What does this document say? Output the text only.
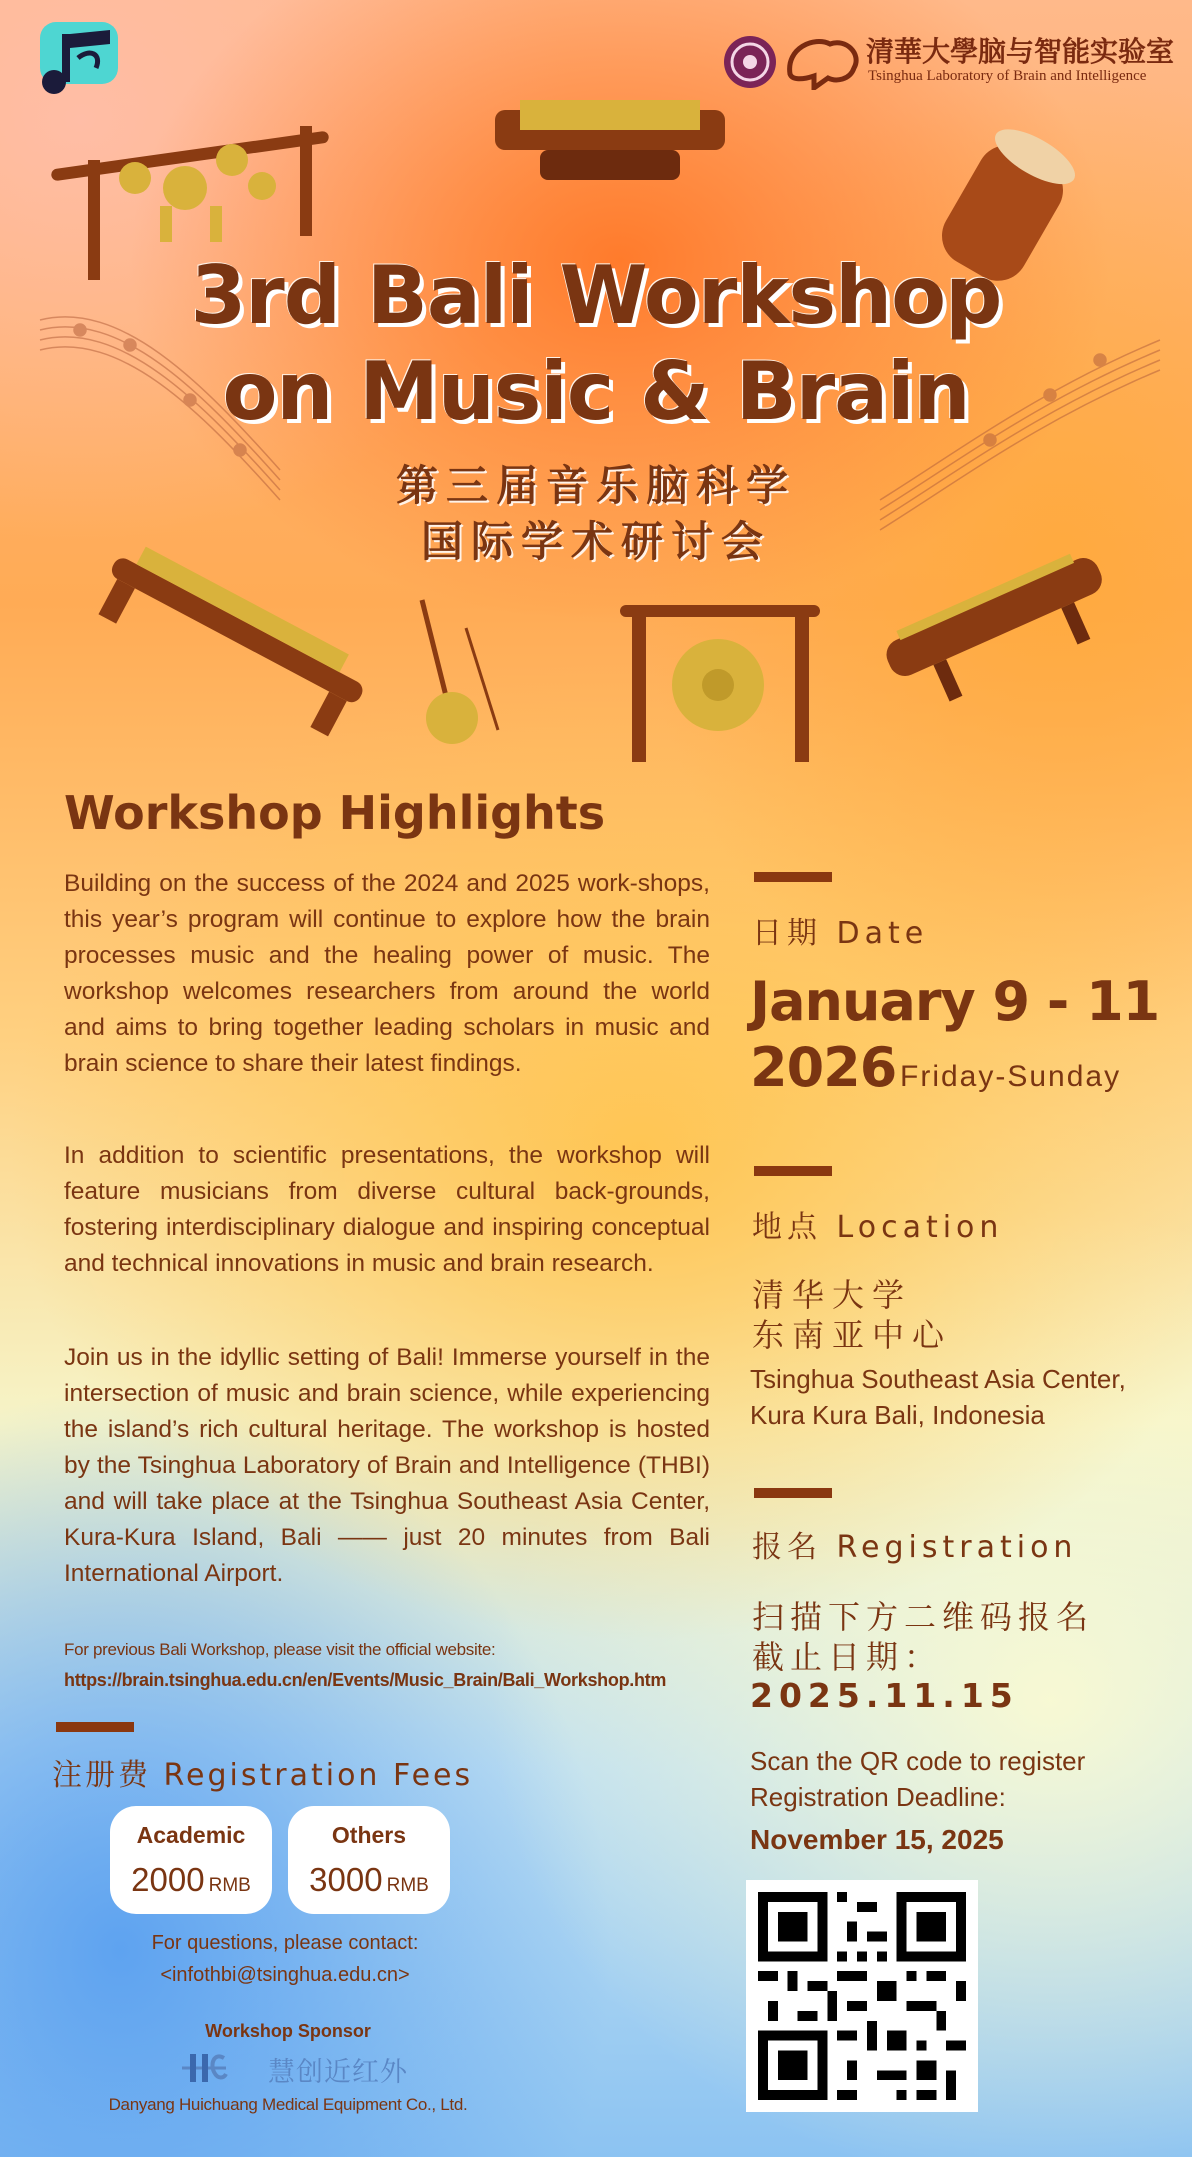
清華大學脑与智能实验室
Tsinghua Laboratory of Brain and Intelligence
3rd Bali Workshop
on Music & Brain
第三届音乐脑科学
国际学术研讨会
Workshop Highlights
Building on the success of the 2024 and 2025 work-shops, this year’s program will continue to explore how the brain processes music and the healing power of music. The workshop welcomes researchers from around the world and aims to bring together leading scholars in music and brain science to share their latest findings.
In addition to scientific presentations, the workshop will feature musicians from diverse cultural back-grounds, fostering interdisciplinary dialogue and inspiring conceptual and technical innovations in music and brain research.
Join us in the idyllic setting of Bali! Immerse yourself in the intersection of music and brain science, while experiencing the island’s rich cultural heritage. The workshop is hosted by the Tsinghua Laboratory of Brain and Intelligence (THBI) and will take place at the Tsinghua Southeast Asia Center, Kura-Kura Island, Bali —— just 20 minutes from Bali International Airport.
For previous Bali Workshop, please visit the official website:
https://brain.tsinghua.edu.cn/en/Events/Music_Brain/Bali_Workshop.htm
注册费 Registration Fees
Academic
2000 RMB
Others
3000 RMB
For questions, please contact:
<infothbi@tsinghua.edu.cn>
Workshop Sponsor
慧创近红外
Danyang Huichuang Medical Equipment Co., Ltd.
日期 Date
January 9 - 11
2026 Friday-Sunday
地点 Location
清华大学
东南亚中心
Tsinghua Southeast Asia Center,
Kura Kura Bali, Indonesia
报名 Registration
扫描下方二维码报名
截止日期：
2025.11.15
Scan the QR code to register
Registration Deadline:
November 15, 2025
